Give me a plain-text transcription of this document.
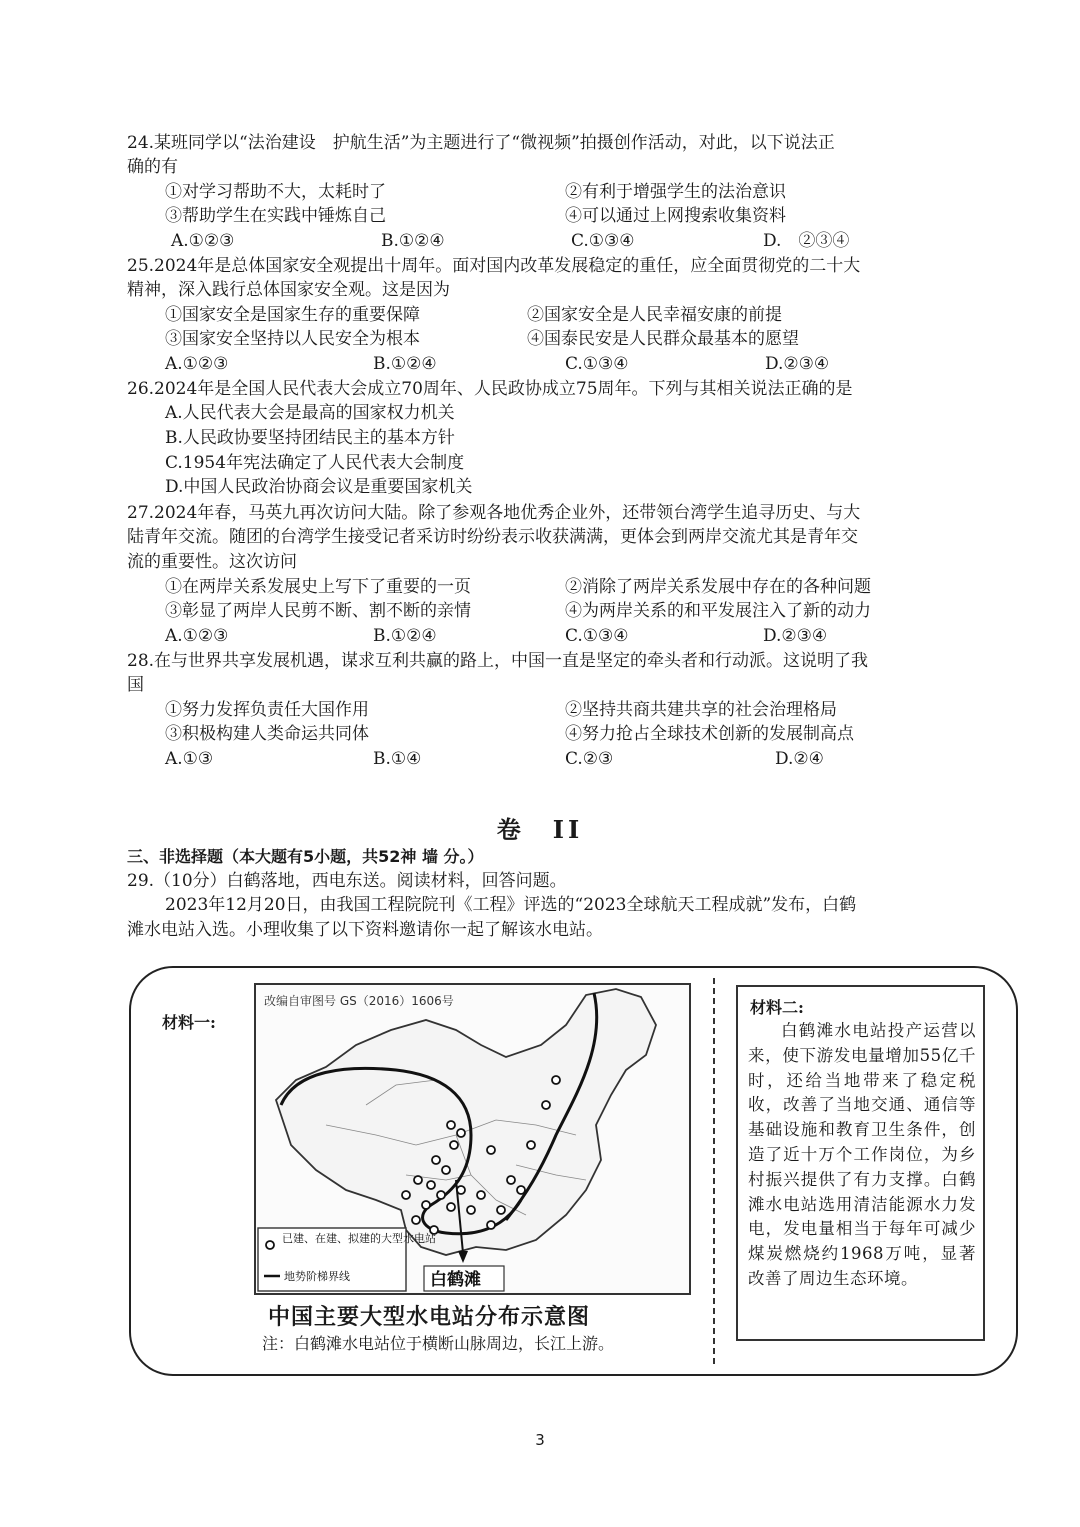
24.某班同学以“法治建设　护航生活”为主题进行了“微视频”拍摄创作活动，对此，以下说法正
确的有
①对学习帮助不大，太耗时了	②有利于增强学生的法治意识
③帮助学生在实践中锤炼自己	④可以通过上网搜索收集资料
A.①②③	B.①②④	C.①③④	D.　②③④
25.2024年是总体国家安全观提出十周年。面对国内改革发展稳定的重任，应全面贯彻党的二十大
精神，深入践行总体国家安全观。这是因为
①国家安全是国家生存的重要保障	②国家安全是人民幸福安康的前提
③国家安全坚持以人民安全为根本	④国泰民安是人民群众最基本的愿望
A.①②③	B.①②④	C.①③④	D.②③④
26.2024年是全国人民代表大会成立70周年、人民政协成立75周年。下列与其相关说法正确的是
A.人民代表大会是最高的国家权力机关
B.人民政协要坚持团结民主的基本方针
C.1954年宪法确定了人民代表大会制度
D.中国人民政治协商会议是重要国家机关
27.2024年春，马英九再次访问大陆。除了参观各地优秀企业外，还带领台湾学生追寻历史、与大
陆青年交流。随团的台湾学生接受记者采访时纷纷表示收获满满，更体会到两岸交流尤其是青年交
流的重要性。这次访问
①在两岸关系发展史上写下了重要的一页	②消除了两岸关系发展中存在的各种问题
③彰显了两岸人民剪不断、割不断的亲情	④为两岸关系的和平发展注入了新的动力
A.①②③	B.①②④	C.①③④	D.②③④
28.在与世界共享发展机遇，谋求互利共赢的路上，中国一直是坚定的牵头者和行动派。这说明了我
国
①努力发挥负责任大国作用	②坚持共商共建共享的社会治理格局
③积极构建人类命运共同体	④努力抢占全球技术创新的发展制高点
A.①③	B.①④	C.②③	D.②④
卷　II
三、非选择题（本大题有5小题，共52神 墙 分。）
29.（10分）白鹤落地，西电东送。阅读材料，回答问题。
2023年12月20日，由我国工程院院刊《工程》评选的“2023全球航天工程成就”发布，白鹤
滩水电站入选。小理收集了以下资料邀请你一起了解该水电站。
材料一:
改编自审图号 GS（2016）1606号
已建、在建、拟建的大型水电站
地势阶梯界线	白鹤滩
中国主要大型水电站分布示意图
注：白鹤滩水电站位于横断山脉周边，长江上游。
材料二:
白鹤滩水电站投产运营以来，使下游发电量增加55亿千时，还给当地带来了稳定税收，改善了当地交通、通信等基础设施和教育卫生条件，创造了近十万个工作岗位，为乡村振兴提供了有力支撑。白鹤滩水电站选用清洁能源水力发电，发电量相当于每年可减少煤炭燃烧约1968万吨，显著改善了周边生态环境。
3
